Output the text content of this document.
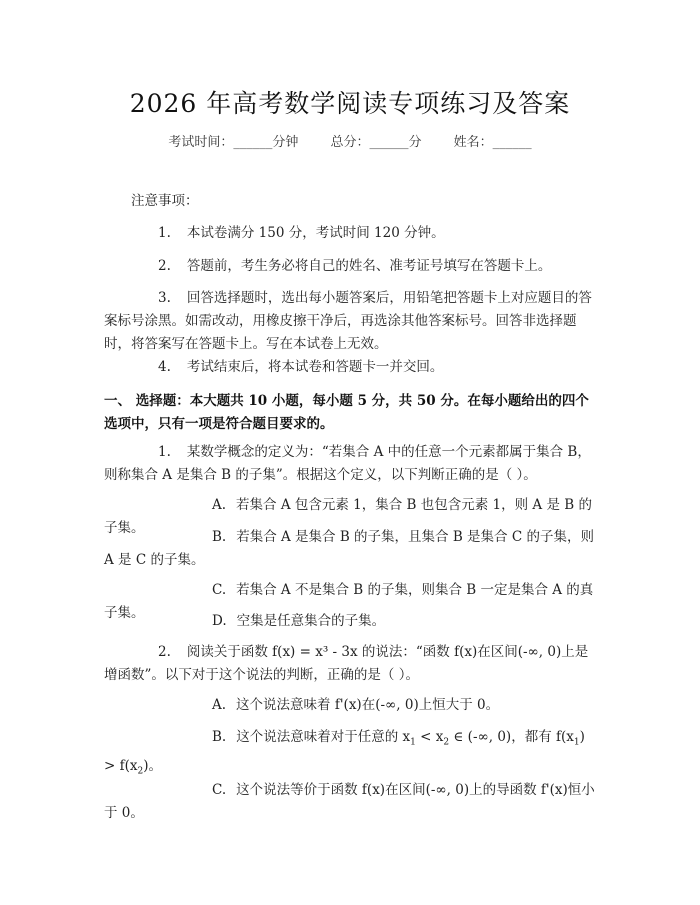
2026 年高考数学阅读专项练习及答案
考试时间：______分钟 总分：______分 姓名：______
注意事项：
1. 本试卷满分 150 分，考试时间 120 分钟。
2. 答题前，考生务必将自己的姓名、准考证号填写在答题卡上。
3. 回答选择题时，选出每小题答案后，用铅笔把答题卡上对应题目的答案标号涂黑。如需改动，用橡皮擦干净后，再选涂其他答案标号。回答非选择题时，将答案写在答题卡上。写在本试卷上无效。
4. 考试结束后，将本试卷和答题卡一并交回。
一、 选择题：本大题共 10 小题，每小题 5 分，共 50 分。在每小题给出的四个选项中，只有一项是符合题目要求的。
1. 某数学概念的定义为：“若集合 A 中的任意一个元素都属于集合 B，则称集合 A 是集合 B 的子集”。根据这个定义，以下判断正确的是（ ）。
A. 若集合 A 包含元素 1，集合 B 也包含元素 1，则 A 是 B 的子集。
B. 若集合 A 是集合 B 的子集，且集合 B 是集合 C 的子集，则 A 是 C 的子集。
C. 若集合 A 不是集合 B 的子集，则集合 B 一定是集合 A 的真子集。	D. 空集是任意集合的子集。
2. 阅读关于函数 f(x) = x³ - 3x 的说法：“函数 f(x)在区间(-∞, 0)上是增函数”。以下对于这个说法的判断，正确的是（ ）。
A. 这个说法意味着 f'(x)在(-∞, 0)上恒大于 0。
B. 这个说法意味着对于任意的 $x_1 < x_2$ ∈ (-∞, 0)，都有 $f(x_1) > f(x_2)$。
C. 这个说法等价于函数 f(x)在区间(-∞, 0)上的导函数 f'(x)恒小于 0。
